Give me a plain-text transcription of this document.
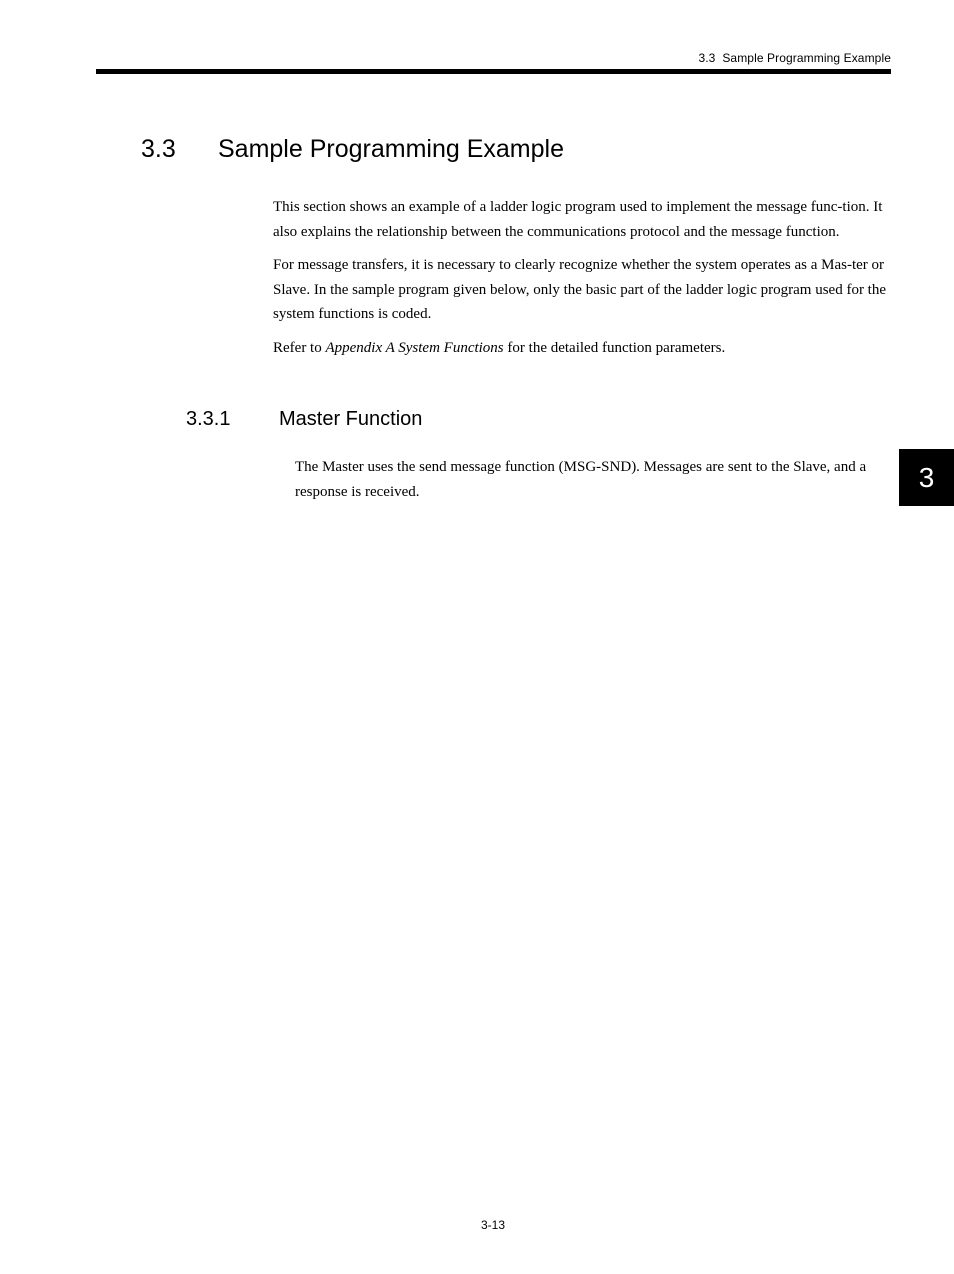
3.3  Sample Programming Example
3.3 Sample Programming Example

This section shows an example of a ladder logic program used to implement the message func-tion. It also explains the relationship between the communications protocol and the message function.

For message transfers, it is necessary to clearly recognize whether the system operates as a Mas-ter or Slave. In the sample program given below, only the basic part of the ladder logic program used for the system functions is coded.

Refer to Appendix A System Functions for the detailed function parameters.

3.3.1 Master Function

The Master uses the send message function (MSG-SND). Messages are sent to the Slave, and a response is received.	3
3-13
